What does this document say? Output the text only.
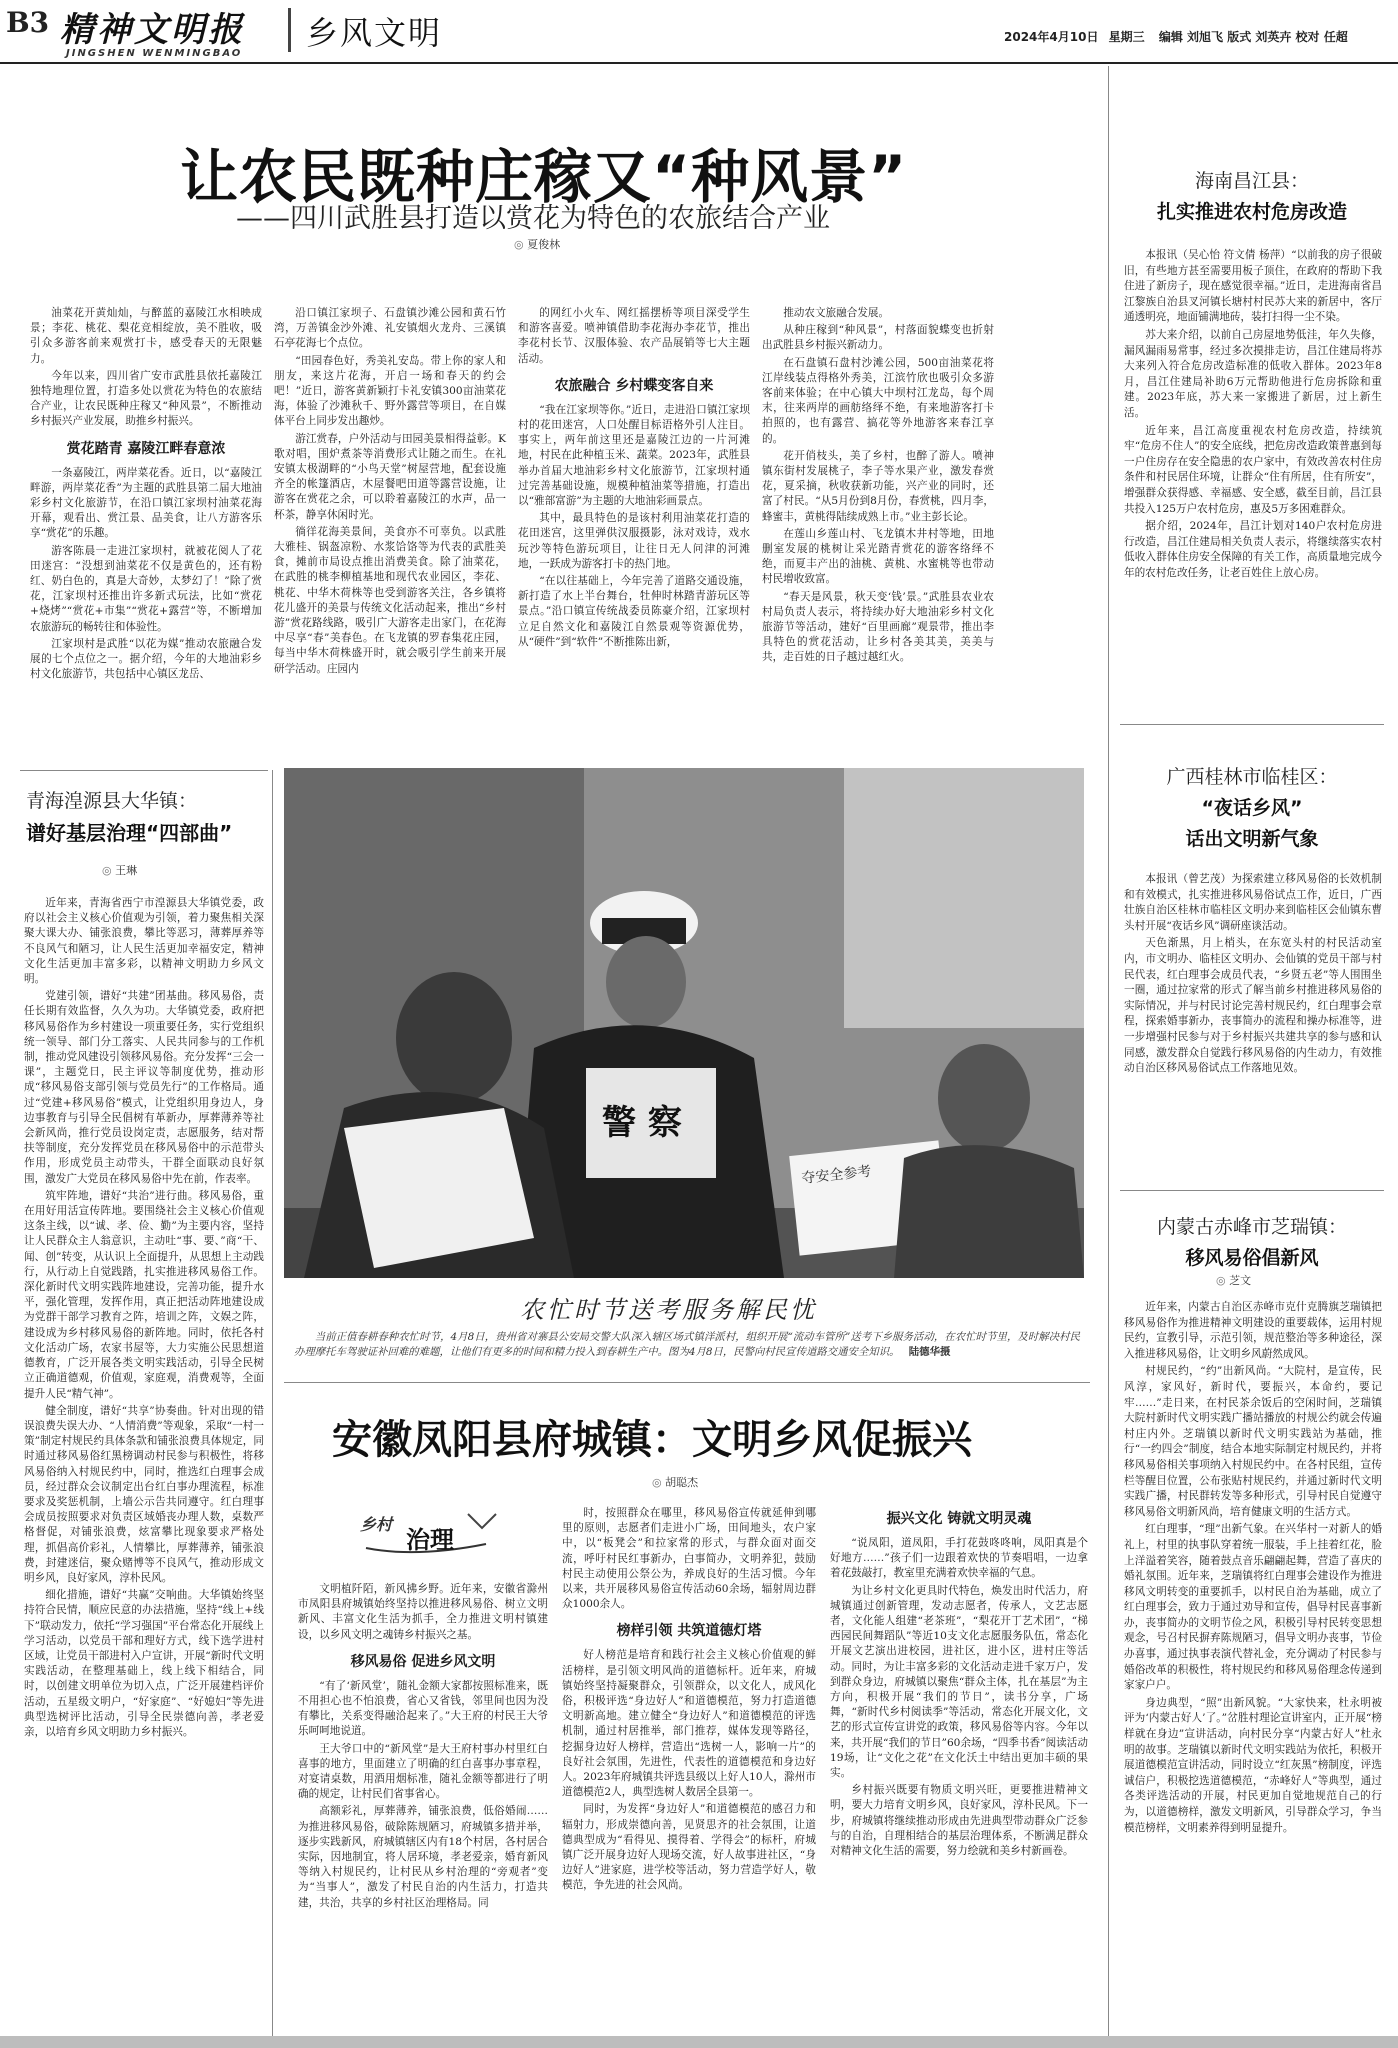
B3 精神文明报
JINGSHEN WENMINGBAO
乡风文明	2024年4月10日 星期三 编辑 刘旭飞 版式 刘英卉 校对 任超
让农民既种庄稼又“种风景”
——四川武胜县打造以赏花为特色的农旅结合产业
◎ 夏俊林

油菜花开黄灿灿，与醉蓝的嘉陵江水相映成景；李花、桃花、梨花竞相绽放，美不胜收，吸引众多游客前来观赏打卡，感受春天的无限魅力。

今年以来，四川省广安市武胜县依托嘉陵江独特地理位置，打造多处以赏花为特色的农旅结合产业，让农民既种庄稼又“种风景”，不断推动乡村振兴产业发展，助推乡村振兴。

赏花踏青 嘉陵江畔春意浓

一条嘉陵江，两岸菜花香。近日，以“嘉陵江畔游，两岸菜花香”为主题的武胜县第二届大地油彩乡村文化旅游节，在沿口镇江家坝村油菜花海开幕，观看出、赏江景、品美食，让八方游客乐享“赏花”的乐趣。

游客陈晨一走进江家坝村，就被花阅人了花田迷宫：“没想到油菜花不仅是黄色的，还有粉红、奶白色的，真是大奇妙，太梦幻了！”除了赏花，江家坝村还推出许多新式玩法，比如“赏花+烧烤”“赏花+市集”“赏花+露营”等，不断增加农旅游玩的畅转往和体验性。

江家坝村是武胜“以花为媒”推动农旅融合发展的七个点位之一。据介绍，今年的大地油彩乡村文化旅游节，共包括中心镇区龙岳、

沿口镇江家坝子、石盘镇沙滩公园和黄石竹湾，万善镇金沙外滩、礼安镇烟火龙舟、三溪镇石亭花海七个点位。

“田园春色好，秀美礼安岛。带上你的家人和朋友，来这片花海，开启一场和春天的约会吧！”近日，游客黄新颖打卡礼安镇300亩油菜花海，体验了沙滩秋千、野外露营等项目，在自媒体平台上同步发出趣炒。

游江赏春，户外活动与田园美景相得益彰。K歌对唱，围炉煮茶等消费形式让随之而生。在礼安镇太极湖畔的“小鸟天堂”树屋营地，配套设施齐全的帐篷酒店，木屋餐吧田道等露营设施，让游客在赏花之余，可以聆着嘉陵江的水声，品一杯茶，静享休闲时光。

徜徉花海美景间，美食亦不可辜负。以武胜大雅桂、锅盔凉粉、水浆饸饹等为代表的武胜美食，摊前市局设点推出消费美食。除了油菜花，在武胜的桃李柳植基地和现代农业园区，李花、桃花、中华木荷株等也受到游客关注，各乡镇将花儿盛开的美景与传统文化活动起来，推出“乡村游”赏花路线路，吸引广大游客走出家门，在花海中尽享“春”美春色。在飞龙镇的罗春集花庄园，每当中华木荷株盛开时，就会吸引学生前来开展研学活动。庄园内

的网红小火车、网红摇摆桥等项目深受学生和游客喜爱。喷神镇借助李花海办李花节，推出李花村长节、汉服体验、农产品展销等七大主题活动。

农旅融合 乡村蝶变客自来

“我在江家坝等你。”近日，走进沿口镇江家坝村的花田迷宫，人口处醒目标语格外引人注目。事实上，两年前这里还是嘉陵江边的一片河滩地，村民在此种植玉米、蔬菜。2023年，武胜县举办首届大地油彩乡村文化旅游节，江家坝村通过完善基础设施，规模种植油菜等措施，打造出以“雅部富游”为主题的大地油彩画景点。

其中，最具特色的是该村利用油菜花打造的花田迷宫，这里弹供汉服摄影，泳对戏诗，戏水玩沙等特色游玩项目，让往日无人问津的河滩地，一跃成为游客打卡的热门地。

“在以往基础上，今年完善了道路交通设施，新打造了水上半台舞台，牡伸时林踏青游玩区等景点。”沿口镇宣传统战委员陈豪介绍，江家坝村立足自然文化和嘉陵江自然景观等资源优势，从“硬件”到“软件”不断推陈出新，

推动农文旅融合发展。

从种庄稼到“种风景”，村落面貌蝶变也折射出武胜县乡村振兴新动力。

在石盘镇石盘村沙滩公园，500亩油菜花将江岸线装点得格外秀美，江滨竹欣也吸引众多游客前来体验；在中心镇大中坝村江龙岛，每个周末，往来两岸的画舫络绎不绝，有来地游客打卡拍照的，也有露营、搞花等外地游客来春江享的。

花开俏枝头，美了乡村，也醉了游人。喷神镇东街村发展桃子，李子等水果产业，激发春赏花，夏采摘，秋收获新功能，兴产业的同时，还富了村民。“从5月份到8月份，春赏桃，四月李，蜂蜜丰，黄桃得陆续成熟上市。”业主彭长论。

在莲山乡莲山村、飞龙镇木井村等地，田地删室发展的桃树让采光踏青赏花的游客络绎不绝，而夏丰产出的油桃、黄桃、水蜜桃等也带动村民增收致富。

“春天是风景，秋天变‘钱’景。”武胜县农业农村局负责人表示，将持续办好大地油彩乡村文化旅游节等活动，建好“百里画廊”观景带，推出李具特色的赏花活动，让乡村各美其美，美美与共，走百姓的日子越过越红火。

海南昌江县：
扎实推进农村危房改造

本报讯（吴心怡 符文倩 杨萍）“以前我的房子很破旧，有些地方甚至需要用板子顶住，在政府的帮助下我住进了新房子，现在感觉很幸福。”近日，走进海南省昌江黎族自治县叉河镇长塘村村民苏大来的新居中，客厅通透明亮，地面铺满地砖，装打扫得一尘不染。

苏大来介绍，以前自己房屋地势低洼，年久失修，漏风漏雨易常事，经过多次摸排走访，昌江住建局将苏大来列入符合危房改造标准的低收入群体。2023年8月，昌江住建局补助6万元帮助他进行危房拆除和重建。2023年底，苏大来一家搬进了新居，过上新生活。

近年来，昌江高度重视农村危房改造，持续筑牢“危房不住人”的安全底线，把危房改造政策普惠到每一户住房存在安全隐患的农户家中，有效改善农村住房条件和村民居住环境，让群众“住有所居，住有所安”，增强群众获得感、幸福感、安全感，截至目前，昌江县共投入125万户农村危房，惠及5万多困难群众。

据介绍，2024年，昌江计划对140户农村危房进行改造，昌江住建局相关负责人表示，将继续落实农村低收入群体住房安全保障的有关工作，高质量地完成今年的农村危改任务，让老百姓住上放心房。

广西桂林市临桂区：
“夜话乡风”
话出文明新气象

本报讯（曾艺茂）为探索建立移风易俗的长效机制和有效模式，扎实推进移风易俗试点工作，近日，广西壮族自治区桂林市临桂区文明办来到临桂区会仙镇东曹头村开展“夜话乡风”调研座谈活动。

天色渐黑，月上梢头，在东宽头村的村民活动室内，市文明办、临桂区文明办、会仙镇的党员干部与村民代表，红白理事会成员代表，“乡贤五老”等人围围坐一圈，通过拉家常的形式了解当前乡村推进移风易俗的实际情况，并与村民讨论完善村规民约，红白理事会章程，探索婚事新办，丧事简办的流程和操办标准等，进一步增强村民参与对于乡村振兴共建共享的参与感和认同感，激发群众自觉践行移风易俗的内生动力，有效推动自治区移风易俗试点工作落地见效。

内蒙古赤峰市芝瑞镇：
移风易俗倡新风
◎ 芝文

近年来，内蒙古自治区赤峰市克什克腾旗芝瑞镇把移风易俗作为推进精神文明建设的重要载体，运用村规民约，宣教引导，示范引领，规范整治等多种途径，深入推进移风易俗，让文明乡风蔚然成风。

村规民约，“约”出新风尚。“大院村，是宣传，民风淳，家风好，新时代，要振兴，本命约，要记牢……”走日来，在村民茶余饭后的空闲时间，芝瑞镇大院村新时代文明实践广播站播放的村规公约就会传遍村庄内外。芝瑞镇以新时代文明实践站为基础，推行“一约四会”制度，结合本地实际制定村规民约，并将移风易俗相关事项纳入村规民约中。在各村民组，宣传栏等醒目位置，公布张贴村规民约，并通过新时代文明实践广播，村民群转发等多种形式，引导村民自觉遵守移风易俗文明新风尚，培育健康文明的生活方式。

红白理事，“理”出新气象。在兴华村一对新人的婚礼上，村里的执事队穿着统一服装，手上挂着红花，脸上洋溢着笑容，随着鼓点音乐翩翩起舞，营造了喜庆的婚礼氛围。近年来，芝瑞镇将红白理事会建设作为推进移风文明转变的重要抓手，以村民自治为基础，成立了红白理事会，致力于通过劝导和宣传，倡导村民喜事新办，丧事简办的文明节俭之风，积极引导村民转变思想观念，号召村民摒弃陈规陋习，倡导文明办丧事，节俭办喜事，通过执事表演代替礼金，充分调动了村民参与婚俗改革的积极性，将村规民约和移风易俗理念传递到家家户户。

身边典型，“照”出新风貌。“大家快来，杜永明被评为‘内蒙古好人’了。”岔胜村理论宣讲室内，正开展“榜样就在身边”宣讲活动，向村民分享“内蒙古好人”杜永明的故事。芝瑞镇以新时代文明实践站为依托，积极开展道德模范宣讲活动，同时设立“红灰黑”榜制度，评选诚信户，积极挖选道德模范，“赤峰好人”等典型，通过各类评选活动的开展，村民更加自觉地规范自己的行为，以道德榜样，激发文明新风，引导群众学习，争当模范榜样，文明素养得到明显提升。

青海湟源县大华镇：
谱好基层治理“四部曲”
◎ 王琳

近年来，青海省西宁市湟源县大华镇党委，政府以社会主义核心价值观为引领，着力聚焦相关深聚大课大办、铺张浪费，攀比等恶习，薄葬厚养等不良风气和陋习，让人民生活更加幸福安定，精神文化生活更加丰富多彩，以精神文明助力乡风文明。

党建引领，谱好“共建”团基曲。移风易俗，责任长期有效监督，久久为功。大华镇党委，政府把移风易俗作为乡村建设一项重要任务，实行党组织统一领导、部门分工落实、人民共同参与的工作机制，推动党风建设引领移风易俗。充分发挥“三会一课”，主题党日，民主评议等制度优势，推动形成“移风易俗支部引领与党员先行”的工作格局。通过“党建+移风易俗”模式，让党组织用身边人，身边事教育与引导全民倡树有革新办，厚葬薄养等社会新风尚，推行党员设岗定责，志愿服务，结对帮扶等制度，充分发挥党员在移风易俗中的示范带头作用，形成党员主动带头，干群全面联动良好氛围，激发广大党员在移风易俗中先在前，作表率。

筑牢阵地，谱好“共治”进行曲。移风易俗，重在用好用活宣传阵地。要围绕社会主义核心价值观这条主线，以“诚、孝、俭、勤”为主要内容，坚持让人民群众主人翁意识，主动吐“事、要、”商“干、闻、创”转变，从认识上全面提升，从思想上主动践行，从行动上自觉践踏，扎实推进移风易俗工作。深化新时代文明实践阵地建设，完善功能，提升水平，强化管理，发挥作用，真正把活动阵地建设成为党群干部学习教育之阵，培训之阵，文娱之阵，建设成为乡村移风易俗的新阵地。同时，依托各村文化活动广场，农家书屋等，大力实施公民思想道德教育，广泛开展各类文明实践活动，引导全民树立正确道德观，价值观，家庭观，消费观等，全面提升人民“精气神”。

健全制度，谱好“共享”协奏曲。针对出现的错误浪费失误大办、“人情消费”等观象，采取“一村一策”制定村规民约具体条款和铺张浪费具体规定，同时通过移风易俗红黑榜调动村民参与积极性，将移风易俗纳入村规民约中，同时，推选红白理事会成员，经过群众会议制定出台红白事办理流程，标准要求及奖惩机制，上墙公示告共同遵守。红白理事会成员按照要求对负责区域婚丧办理人数，桌数严格督促，对铺张浪费，炫富攀比现象要求严格处理，抓倡高价彩礼，人情攀比，厚葬薄养，铺张浪费，封建迷信，聚众赌博等不良风气，推动形成文明乡风，良好家风，淳朴民风。

细化措施，谱好“共赢”交响曲。大华镇始终坚持符合民情，顺应民意的办法措施，坚持“线上+线下”联动发力，依托“学习强国”平台常态化开展线上学习活动，以党员干部和理好方式，线下选学进村区域，让党员干部进村入户宣讲，开展“新时代文明实践活动，在整理基础上，线上线下相结合，同时，以创建文明单位为切入点，广泛开展建档评价活动，五星级文明户，“好家庭”、“好媳妇”等先进典型选树评比活动，引导全民崇德向善，孝老爱亲，以培育乡风文明助力乡村振兴。

警 察
夺安全参考
农忙时节送考服务解民忧
当前正值春耕春种农忙时节，4月8日，贵州省对寨县公安局交警大队深入辖区场式镇洋派村，组织开展“流动车管所”送考下乡服务活动，在农忙时节里，及时解决村民办理摩托车驾驶证补回难的难题，让他们有更多的时间和精力投入到春耕生产中。图为4月8日，民警向村民宣传道路交通安全知识。 陆德华摄
安徽凤阳县府城镇：文明乡风促振兴
◎ 胡聪杰
乡村
治理

文明植阡陌，新风拂乡野。近年来，安徽省滁州市凤阳县府城镇始终坚持以推进移风易俗、树立文明新风、丰富文化生活为抓手，全力推进文明村镇建设，以乡风文明之魂铸乡村振兴之基。

移风易俗 促进乡风文明

“有了‘新风堂’，随礼金额大家都按照标准来，既不用担心也不怕浪费，省心又省钱，邻里间也因为没有攀比，关系变得融洽起来了。”大王府的村民王大爷乐呵呵地说道。

王大爷口中的“新风堂”是大王府村事办村里红白喜事的地方，里面建立了明确的红白喜事办事章程，对宴请桌数，用酒用烟标准，随礼金额等都进行了明确的规定，让村民们省事省心。

高额彩礼，厚葬薄养，铺张浪费，低俗婚闹……为推进移风易俗，破除陈规陋习，府城镇多措并举，逐步实践新风，府城镇辖区内有18个村居，各村居合实际，因地制宜，将人居环境，孝老爱亲，婚育新风等纳入村规民约，让村民从乡村治理的“旁观者”变为“当事人”，激发了村民自治的内生活力，打造共建，共治，共享的乡村社区治理格局。同

时，按照群众在哪里，移风易俗宣传就延伸到哪里的原则，志愿者们走进小广场，田间地头，农户家中，以“板凳会”和拉家常的形式，与群众面对面交流，呼吁村民红事新办，白事简办，文明养犯，鼓励村民主动使用公祭公为，养成良好的生活习惯。今年以来，共开展移风易俗宣传活动60余场，辐射周边群众1000余人。

榜样引领 共筑道德灯塔

好人榜范是培育和践行社会主义核心价值观的鲜活榜样，是引领文明风尚的道德标杆。近年来，府城镇始终坚持凝聚群众，引领群众，以文化人，成风化俗，积极评选“身边好人”和道德模范，努力打造道德文明新高地。建立健全“身边好人”和道德模范的评选机制，通过村居推举，部门推荐，媒体发现等路径，挖掘身边好人榜样，营造出“选树一人，影响一片”的良好社会氛围，先进性，代表性的道德模范和身边好人。2023年府城镇共评选县级以上好人10人，滁州市道德模范2人，典型选树人数居全县第一。

同时，为发挥“身边好人”和道德模范的感召力和辐射力，形成崇德向善，见贤思齐的社会氛围，让道德典型成为“看得见、摸得着、学得会”的标杆，府城镇广泛开展身边好人现场交流，好人故事进社区，“身边好人”进家庭，进学校等活动，努力营造学好人，敬模范，争先进的社会风尚。

振兴文化 铸就文明灵魂

“说凤阳，道凤阳，手打花鼓咚咚响，凤阳真是个好地方……”孩子们一边跟着欢快的节奏唱唱，一边拿着花鼓敲打，教室里充满着欢快幸福的气息。

为让乡村文化更具时代特色，焕发出时代活力，府城镇通过创新管理，发动志愿者，传承人，文艺志愿者，文化能人组建“老茶班”，“梨花开丁艺术团”，“梯西园民间舞蹈队”等近10支文化志愿服务队伍，常态化开展文艺演出进校园，进社区，进小区，进村庄等活动。同时，为让丰富多彩的文化活动走进千家万户，发到群众身边，府城镇以聚焦“群众主体，扎在基层”为主方向，积极开展“我们的节日”，读书分享，广场舞，“新时代乡村阅读季”等活动，常态化开展文化，文艺的形式宣传宣讲党的政策，移风易俗等内容。今年以来，共开展“我们的节日”60余场，“四季书香”阅读活动19场，让“文化之花”在文化沃土中结出更加丰硕的果实。

乡村振兴既要有物质文明兴旺，更要推进精神文明，要大力培育文明乡风，良好家风，淳朴民风。下一步，府城镇将继续推动形成由先进典型带动群众广泛参与的自治，自理相结合的基层治理体系，不断满足群众对精神文化生活的需要，努力绘就和美乡村新画卷。
